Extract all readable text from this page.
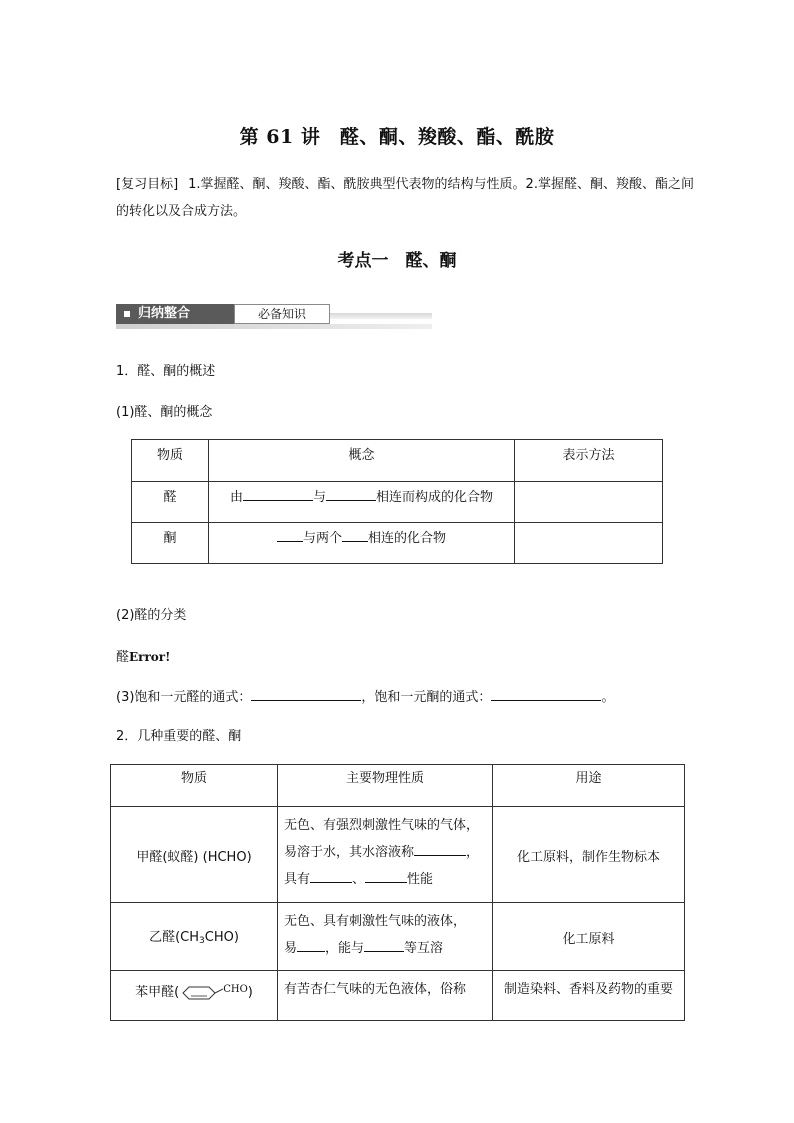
第 61 讲　醛、酮、羧酸、酯、酰胺
[复习目标] 1.掌握醛、酮、羧酸、酯、酰胺典型代表物的结构与性质。2.掌握醛、酮、羧酸、酯之间的转化以及合成方法。
考点一　醛、酮
归纳整合	必备知识
1．醛、酮的概述
(1)醛、酮的概念
物质	概念	表示方法
醛	由 与 相连而构成的化合物	
酮	与两个 相连的化合物	
(2)醛的分类
醛Error!
(3)饱和一元醛的通式：	，饱和一元酮的通式：	。
2．几种重要的醛、酮
物质	主要物理性质	用途
甲醛(蚁醛) (HCHO)	无色、有强烈刺激性气味的气体，
易溶于水，其水溶液称 ，
具有 、 性能	化工原料，制作生物标本
乙醛$(CH_3CHO)$	无色、具有刺激性气味的液体，
易 ，能与 等互溶	化工原料
苯甲醛( $^{CHO}$)	有苦杏仁气味的无色液体，俗称	制造染料、香料及药物的重要
